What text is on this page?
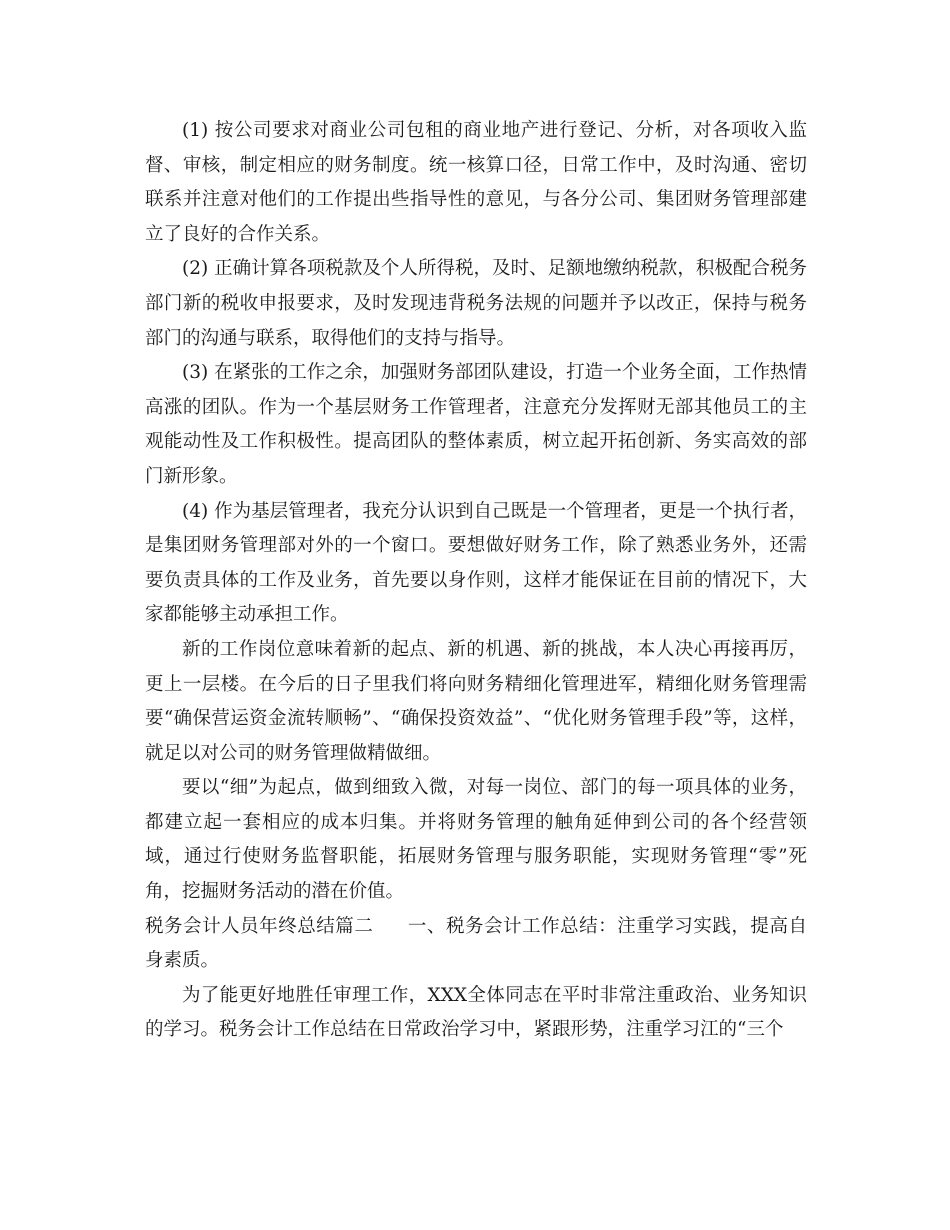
(1) 按公司要求对商业公司包租的商业地产进行登记、分析，对各项收入监督、审核，制定相应的财务制度。统一核算口径，日常工作中，及时沟通、密切联系并注意对他们的工作提出些指导性的意见，与各分公司、集团财务管理部建立了良好的合作关系。

(2) 正确计算各项税款及个人所得税，及时、足额地缴纳税款，积极配合税务部门新的税收申报要求，及时发现违背税务法规的问题并予以改正，保持与税务部门的沟通与联系，取得他们的支持与指导。

(3) 在紧张的工作之余，加强财务部团队建设，打造一个业务全面，工作热情高涨的团队。作为一个基层财务工作管理者，注意充分发挥财无部其他员工的主观能动性及工作积极性。提高团队的整体素质，树立起开拓创新、务实高效的部门新形象。

(4) 作为基层管理者，我充分认识到自己既是一个管理者，更是一个执行者，是集团财务管理部对外的一个窗口。要想做好财务工作，除了熟悉业务外，还需要负责具体的工作及业务，首先要以身作则，这样才能保证在目前的情况下，大家都能够主动承担工作。

新的工作岗位意味着新的起点、新的机遇、新的挑战，本人决心再接再厉，更上一层楼。在今后的日子里我们将向财务精细化管理进军，精细化财务管理需要“确保营运资金流转顺畅”、“确保投资效益”、“优化财务管理手段”等，这样，就足以对公司的财务管理做精做细。

要以“细”为起点，做到细致入微，对每一岗位、部门的每一项具体的业务，都建立起一套相应的成本归集。并将财务管理的触角延伸到公司的各个经营领域，通过行使财务监督职能，拓展财务管理与服务职能，实现财务管理“零”死角，挖掘财务活动的潜在价值。

税务会计人员年终总结篇二 一、税务会计工作总结：注重学习实践，提高自身素质。

为了能更好地胜任审理工作，XXX全体同志在平时非常注重政治、业务知识的学习。税务会计工作总结在日常政治学习中，紧跟形势，注重学习江的“三个
